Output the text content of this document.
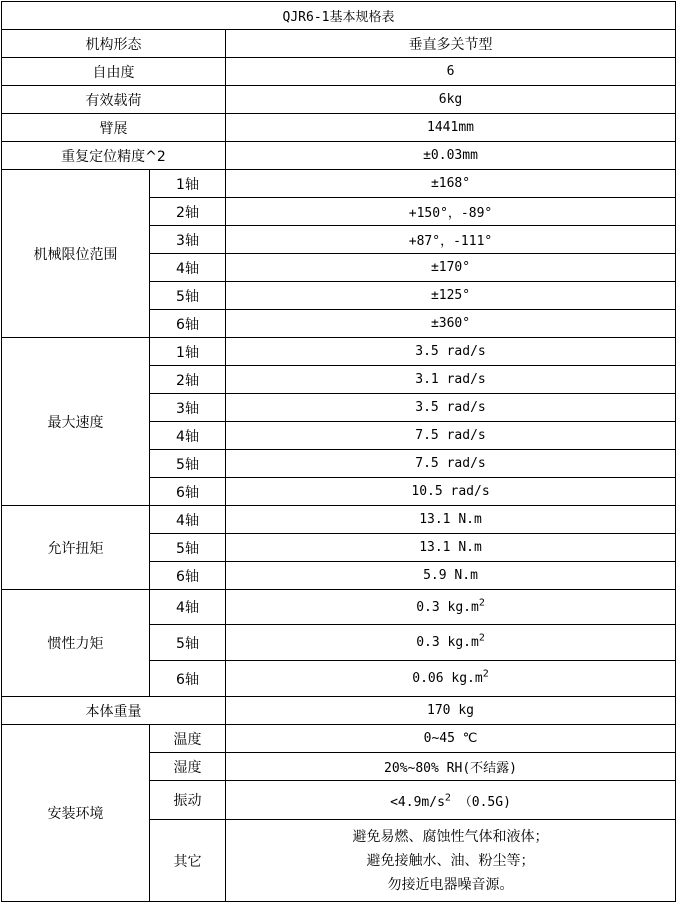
QJR6-1基本规格表		
机构形态		垂直多关节型
自由度		6
有效载荷		6kg
臂展		1441mm
重复定位精度^2		±0.03mm
机械限位范围	1轴	±168°
	2轴	+150°，-89°
	3轴	+87°，-111°
	4轴	±170°
	5轴	±125°
	6轴	±360°
最大速度	1轴	3.5 rad/s
	2轴	3.1 rad/s
	3轴	3.5 rad/s
	4轴	7.5 rad/s
	5轴	7.5 rad/s
	6轴	10.5 rad/s
允许扭矩	4轴	13.1 N.m
	5轴	13.1 N.m
	6轴	5.9 N.m
惯性力矩	4轴	0.3 $kg.m^2$
	5轴	0.3 $kg.m^2$
	6轴	0.06 $kg.m^2$
本体重量		170 kg
安装环境	温度	0~45 ℃
	湿度	20%~80% RH(不结露)
	振动	$<4.9m/s^2$ （0.5G)
	其它	避免易燃、腐蚀性气体和液体；
避免接触水、油、粉尘等；
勿接近电器噪音源。
